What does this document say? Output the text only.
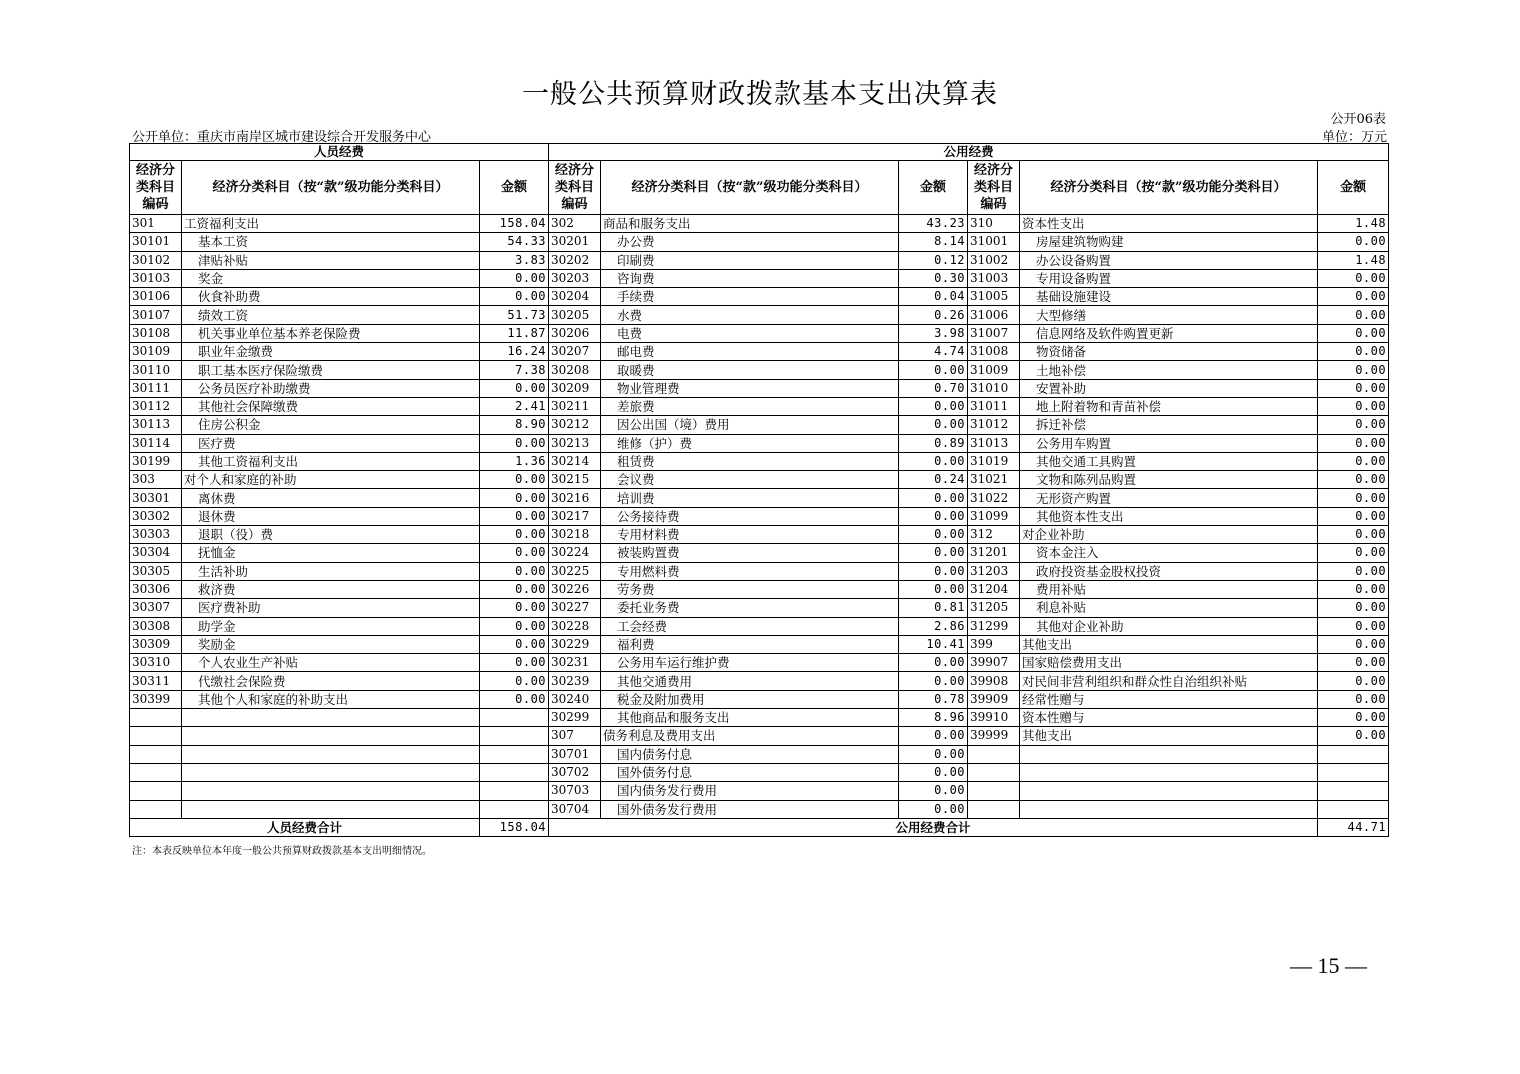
一般公共预算财政拨款基本支出决算表
公开06表
公开单位：重庆市南岸区城市建设综合开发服务中心	单位：万元
人员经费			公用经费					
经济分类科目编码	经济分类科目（按“款”级功能分类科目）	金额	经济分类科目编码	经济分类科目（按“款”级功能分类科目）	金额	经济分类科目编码	经济分类科目（按“款”级功能分类科目）	金额
301	工资福利支出	158.04	302	商品和服务支出	43.23	310	资本性支出	1.48
30101	基本工资	54.33	30201	办公费	8.14	31001	房屋建筑物购建	0.00
30102	津贴补贴	3.83	30202	印刷费	0.12	31002	办公设备购置	1.48
30103	奖金	0.00	30203	咨询费	0.30	31003	专用设备购置	0.00
30106	伙食补助费	0.00	30204	手续费	0.04	31005	基础设施建设	0.00
30107	绩效工资	51.73	30205	水费	0.26	31006	大型修缮	0.00
30108	机关事业单位基本养老保险费	11.87	30206	电费	3.98	31007	信息网络及软件购置更新	0.00
30109	职业年金缴费	16.24	30207	邮电费	4.74	31008	物资储备	0.00
30110	职工基本医疗保险缴费	7.38	30208	取暖费	0.00	31009	土地补偿	0.00
30111	公务员医疗补助缴费	0.00	30209	物业管理费	0.70	31010	安置补助	0.00
30112	其他社会保障缴费	2.41	30211	差旅费	0.00	31011	地上附着物和青苗补偿	0.00
30113	住房公积金	8.90	30212	因公出国（境）费用	0.00	31012	拆迁补偿	0.00
30114	医疗费	0.00	30213	维修（护）费	0.89	31013	公务用车购置	0.00
30199	其他工资福利支出	1.36	30214	租赁费	0.00	31019	其他交通工具购置	0.00
303	对个人和家庭的补助	0.00	30215	会议费	0.24	31021	文物和陈列品购置	0.00
30301	离休费	0.00	30216	培训费	0.00	31022	无形资产购置	0.00
30302	退休费	0.00	30217	公务接待费	0.00	31099	其他资本性支出	0.00
30303	退职（役）费	0.00	30218	专用材料费	0.00	312	对企业补助	0.00
30304	抚恤金	0.00	30224	被装购置费	0.00	31201	资本金注入	0.00
30305	生活补助	0.00	30225	专用燃料费	0.00	31203	政府投资基金股权投资	0.00
30306	救济费	0.00	30226	劳务费	0.00	31204	费用补贴	0.00
30307	医疗费补助	0.00	30227	委托业务费	0.81	31205	利息补贴	0.00
30308	助学金	0.00	30228	工会经费	2.86	31299	其他对企业补助	0.00
30309	奖励金	0.00	30229	福利费	10.41	399	其他支出	0.00
30310	个人农业生产补贴	0.00	30231	公务用车运行维护费	0.00	39907	国家赔偿费用支出	0.00
30311	代缴社会保险费	0.00	30239	其他交通费用	0.00	39908	对民间非营利组织和群众性自治组织补贴	0.00
30399	其他个人和家庭的补助支出	0.00	30240	税金及附加费用	0.78	39909	经常性赠与	0.00
			30299	其他商品和服务支出	8.96	39910	资本性赠与	0.00
			307	债务利息及费用支出	0.00	39999	其他支出	0.00
			30701	国内债务付息	0.00			
			30702	国外债务付息	0.00			
			30703	国内债务发行费用	0.00			
			30704	国外债务发行费用	0.00			
人员经费合计		158.04	公用经费合计					44.71
注：本表反映单位本年度一般公共预算财政拨款基本支出明细情况。
— 15 —
